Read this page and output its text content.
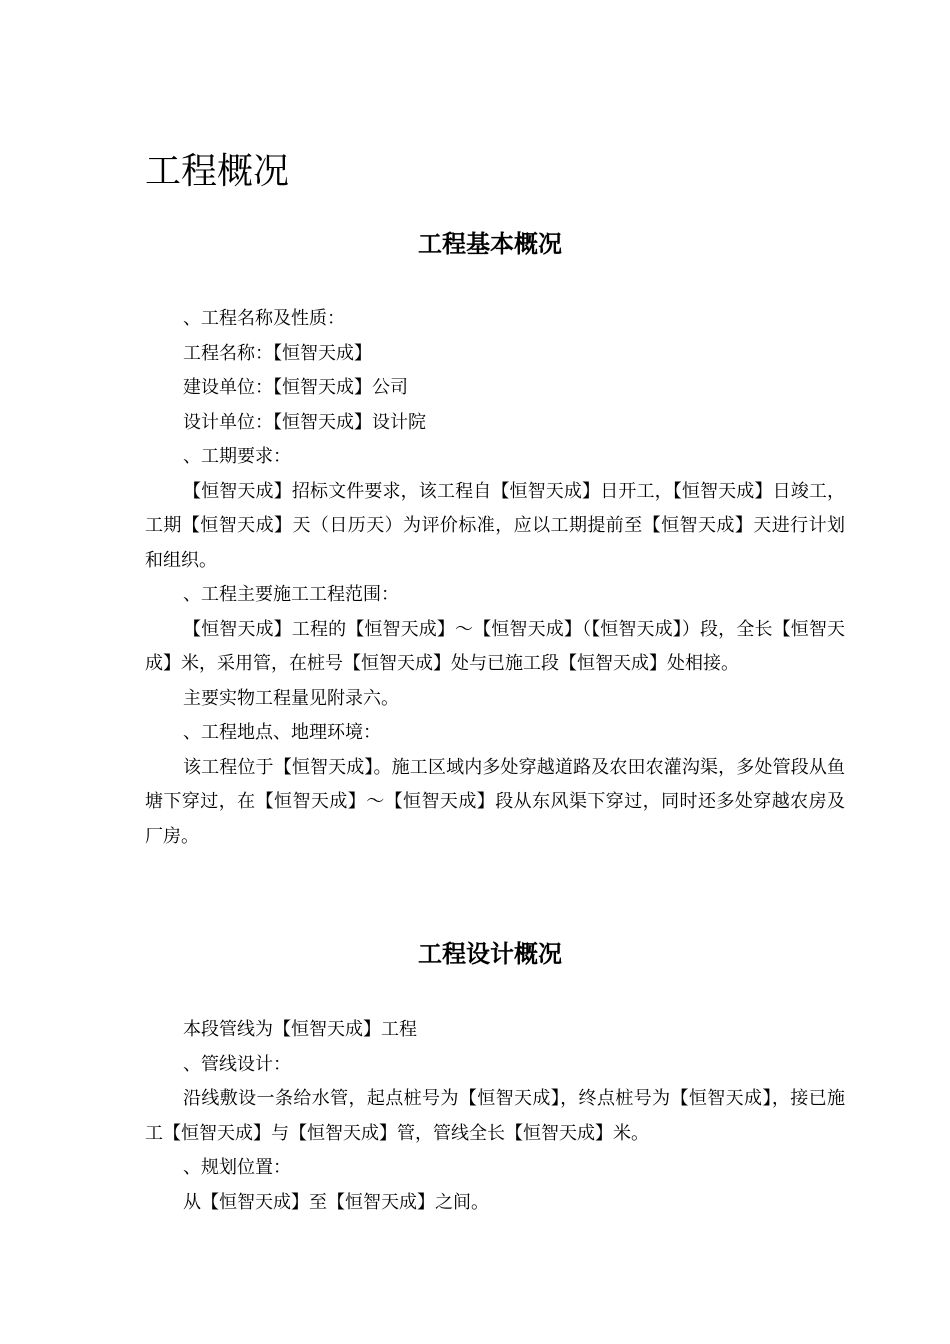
工程概况
工程基本概况

、工程名称及性质：

工程名称：【恒智天成】

建设单位：【恒智天成】公司

设计单位：【恒智天成】设计院

、工期要求：

【恒智天成】招标文件要求，该工程自【恒智天成】日开工，【恒智天成】日竣工，工期【恒智天成】天（日历天）为评价标准，应以工期提前至【恒智天成】天进行计划和组织。

、工程主要施工工程范围：

【恒智天成】工程的【恒智天成】～【恒智天成】（【恒智天成】）段，全长【恒智天成】米，采用管，在桩号【恒智天成】处与已施工段【恒智天成】处相接。

主要实物工程量见附录六。

、工程地点、地理环境：

该工程位于【恒智天成】。施工区域内多处穿越道路及农田农灌沟渠，多处管段从鱼塘下穿过，在【恒智天成】～【恒智天成】段从东风渠下穿过，同时还多处穿越农房及厂房。

工程设计概况

本段管线为【恒智天成】工程

、管线设计：

沿线敷设一条给水管，起点桩号为【恒智天成】，终点桩号为【恒智天成】，接已施工【恒智天成】与【恒智天成】管，管线全长【恒智天成】米。

、规划位置：

从【恒智天成】至【恒智天成】之间。
